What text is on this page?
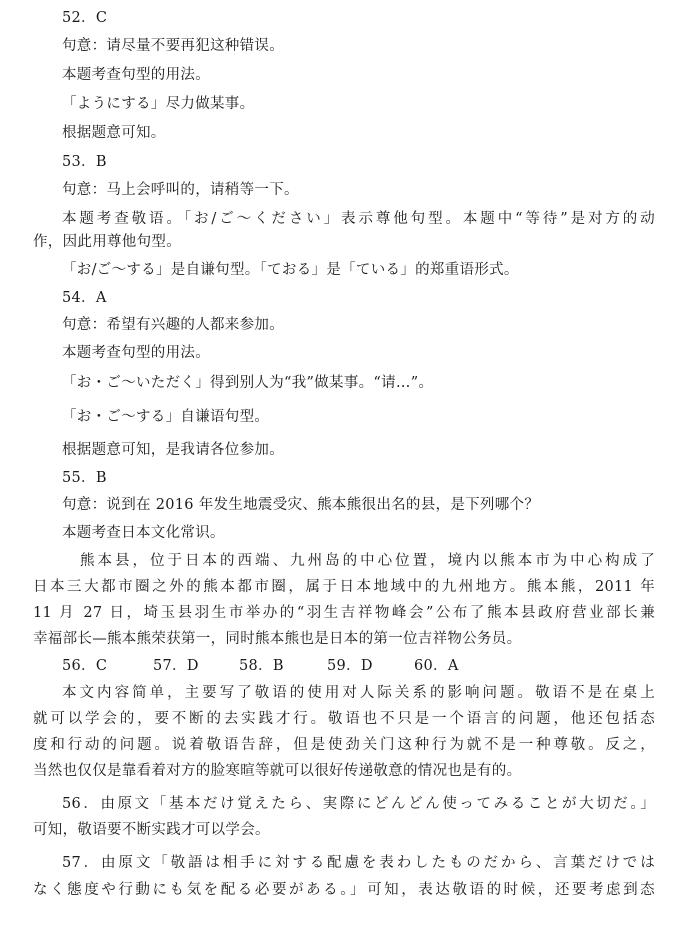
52．C
句意：请尽量不要再犯这种错误。
本题考查句型的用法。
「ようにする」尽力做某事。
根据题意可知。
53．B
句意：马上会呼叫的，请稍等一下。
本题考查敬语。「お/ご～ください」表示尊他句型。本题中“等待”是对方的动
作，因此用尊他句型。
「お/ご～する」是自谦句型。「ておる」是「ている」的郑重语形式。
54．A
句意：希望有兴趣的人都来参加。
本题考查句型的用法。
「お・ご～いただく」得到别人为“我”做某事。“请…”。
「お・ご～する」自谦语句型。
根据题意可知，是我请各位参加。
55．B
句意：说到在 2016 年发生地震受灾、熊本熊很出名的县，是下列哪个？
本题考查日本文化常识。
熊本县，位于日本的西端、九州岛的中心位置，境内以熊本市为中心构成了
日本三大都市圈之外的熊本都市圈，属于日本地域中的九州地方。熊本熊，2011 年
11 月 27 日，埼玉县羽生市举办的“羽生吉祥物峰会”公布了熊本县政府营业部长兼
幸福部长—熊本熊荣获第一，同时熊本熊也是日本的第一位吉祥物公务员。
56．C	57．D	58．B	59．D	60．A
本文内容简单，主要写了敬语的使用对人际关系的影响问题。敬语不是在桌上
就可以学会的，要不断的去实践才行。敬语也不只是一个语言的问题，他还包括态
度和行动的问题。说着敬语告辞，但是使劲关门这种行为就不是一种尊敬。反之，
当然也仅仅是靠看着对方的脸寒暄等就可以很好传递敬意的情况也是有的。
56．由原文「基本だけ覚えたら、実際にどんどん使ってみることが大切だ。」
可知，敬语要不断实践才可以学会。
57．由原文「敬語は相手に対する配慮を表わしたものだから、言葉だけでは
なく態度や行動にも気を配る必要がある。」可知，表达敬语的时候，还要考虑到态
